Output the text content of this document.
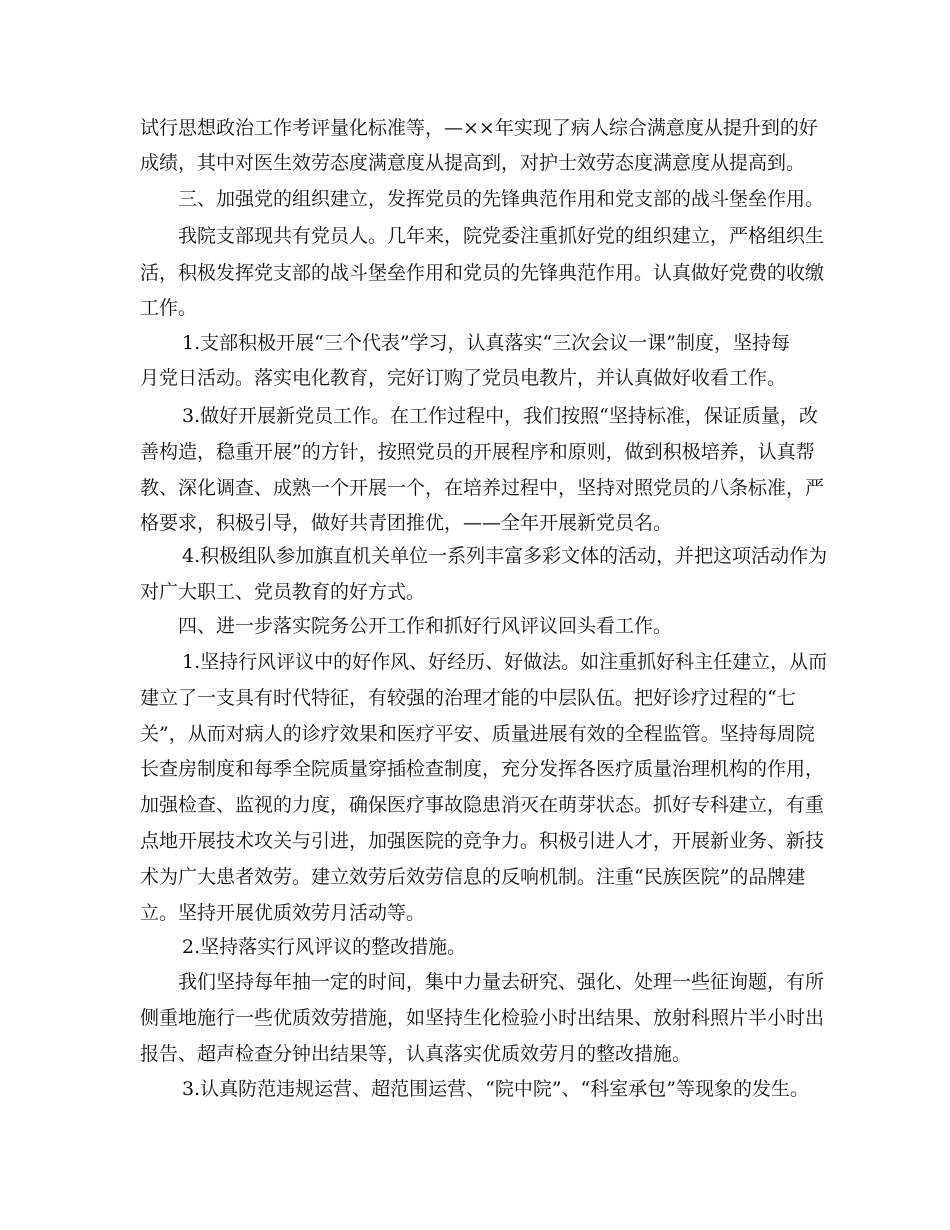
试行思想政治工作考评量化标准等，—××年实现了病人综合满意度从提升到的好
成绩，其中对医生效劳态度满意度从提高到，对护士效劳态度满意度从提高到。
三、加强党的组织建立，发挥党员的先锋典范作用和党支部的战斗堡垒作用。
我院支部现共有党员人。几年来，院党委注重抓好党的组织建立，严格组织生
活，积极发挥党支部的战斗堡垒作用和党员的先锋典范作用。认真做好党费的收缴
工作。
1.支部积极开展“三个代表”学习，认真落实“三次会议一课”制度，坚持每
月党日活动。落实电化教育，完好订购了党员电教片，并认真做好收看工作。
3.做好开展新党员工作。在工作过程中，我们按照“坚持标准，保证质量，改
善构造，稳重开展”的方针，按照党员的开展程序和原则，做到积极培养，认真帮
教、深化调查、成熟一个开展一个，在培养过程中，坚持对照党员的八条标准，严
格要求，积极引导，做好共青团推优，——全年开展新党员名。
4.积极组队参加旗直机关单位一系列丰富多彩文体的活动，并把这项活动作为
对广大职工、党员教育的好方式。
四、进一步落实院务公开工作和抓好行风评议回头看工作。
1.坚持行风评议中的好作风、好经历、好做法。如注重抓好科主任建立，从而
建立了一支具有时代特征，有较强的治理才能的中层队伍。把好诊疗过程的“七
关”，从而对病人的诊疗效果和医疗平安、质量进展有效的全程监管。坚持每周院
长查房制度和每季全院质量穿插检查制度，充分发挥各医疗质量治理机构的作用，
加强检查、监视的力度，确保医疗事故隐患消灭在萌芽状态。抓好专科建立，有重
点地开展技术攻关与引进，加强医院的竞争力。积极引进人才，开展新业务、新技
术为广大患者效劳。建立效劳后效劳信息的反响机制。注重“民族医院”的品牌建
立。坚持开展优质效劳月活动等。
2.坚持落实行风评议的整改措施。
我们坚持每年抽一定的时间，集中力量去研究、强化、处理一些征询题，有所
侧重地施行一些优质效劳措施，如坚持生化检验小时出结果、放射科照片半小时出
报告、超声检查分钟出结果等，认真落实优质效劳月的整改措施。
3.认真防范违规运营、超范围运营、“院中院”、“科室承包”等现象的发生。
